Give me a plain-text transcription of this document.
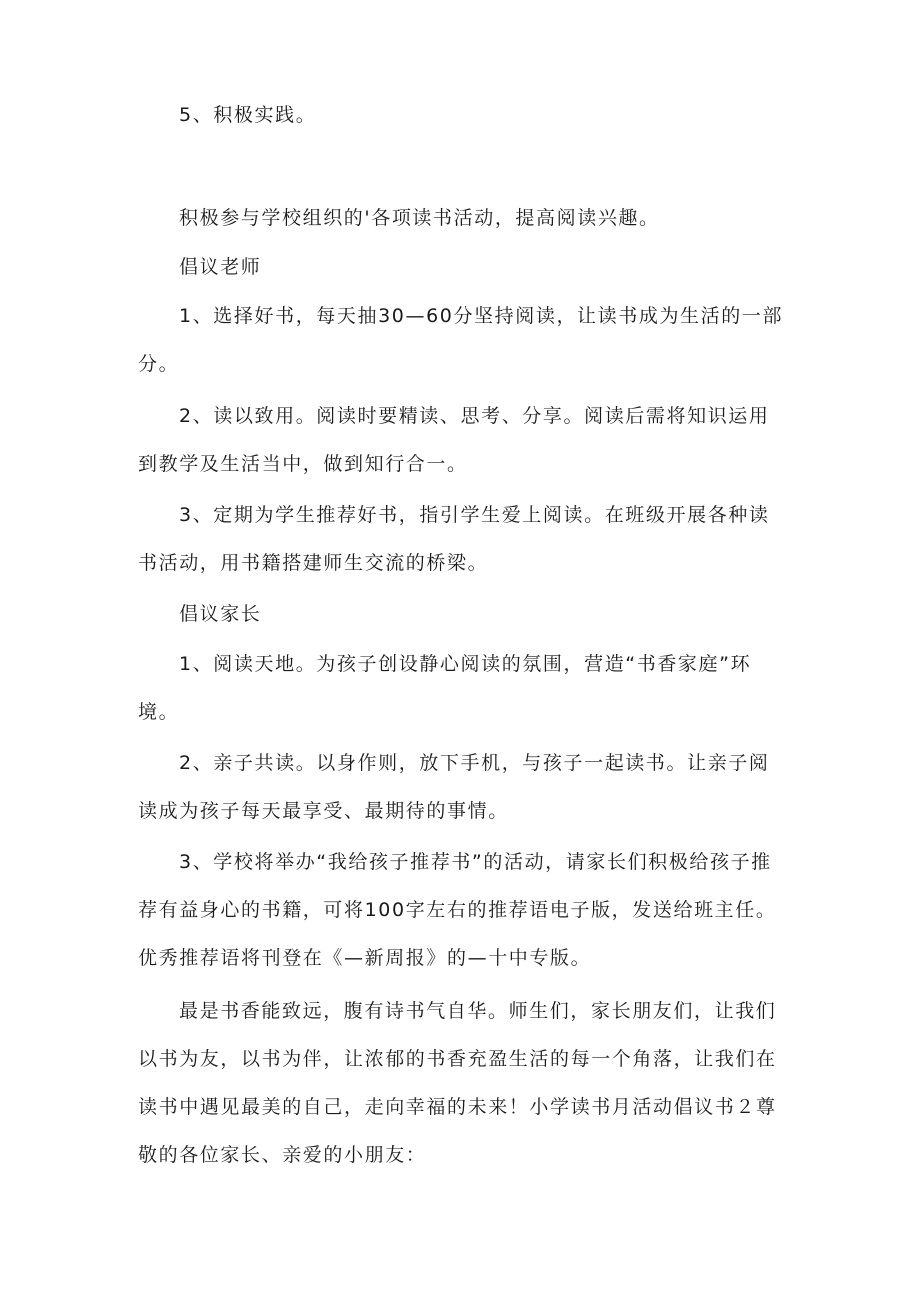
5、积极实践。

积极参与学校组织的'各项读书活动，提高阅读兴趣。

倡议老师

1、选择好书，每天抽30—60分坚持阅读，让读书成为生活的一部分。

2、读以致用。阅读时要精读、思考、分享。阅读后需将知识运用到教学及生活当中，做到知行合一。

3、定期为学生推荐好书，指引学生爱上阅读。在班级开展各种读书活动，用书籍搭建师生交流的桥梁。

倡议家长

1、阅读天地。为孩子创设静心阅读的氛围，营造“书香家庭”环境。

2、亲子共读。以身作则，放下手机，与孩子一起读书。让亲子阅读成为孩子每天最享受、最期待的事情。

3、学校将举办“我给孩子推荐书”的活动，请家长们积极给孩子推荐有益身心的书籍，可将100字左右的推荐语电子版，发送给班主任。优秀推荐语将刊登在《—新周报》的—十中专版。

最是书香能致远，腹有诗书气自华。师生们，家长朋友们，让我们以书为友，以书为伴，让浓郁的书香充盈生活的每一个角落，让我们在读书中遇见最美的自己，走向幸福的未来！小学读书月活动倡议书２尊敬的各位家长、亲爱的小朋友：
